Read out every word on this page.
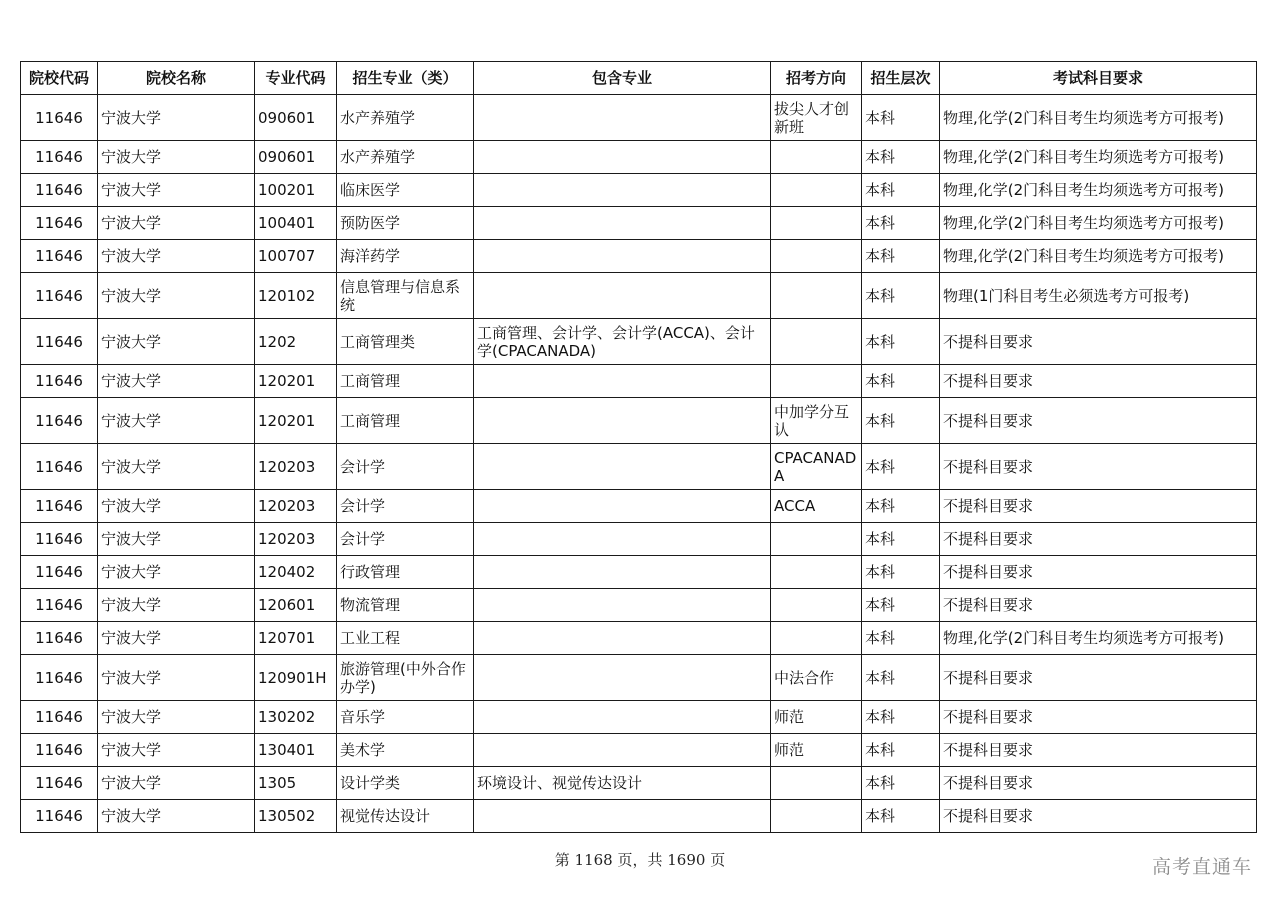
院校代码	院校名称	专业代码	招生专业（类）	包含专业	招考方向	招生层次	考试科目要求
11646	宁波大学	090601	水产养殖学		拔尖人才创新班	本科	物理,化学(2门科目考生均须选考方可报考)
11646	宁波大学	090601	水产养殖学			本科	物理,化学(2门科目考生均须选考方可报考)
11646	宁波大学	100201	临床医学			本科	物理,化学(2门科目考生均须选考方可报考)
11646	宁波大学	100401	预防医学			本科	物理,化学(2门科目考生均须选考方可报考)
11646	宁波大学	100707	海洋药学			本科	物理,化学(2门科目考生均须选考方可报考)
11646	宁波大学	120102	信息管理与信息系统			本科	物理(1门科目考生必须选考方可报考)
11646	宁波大学	1202	工商管理类	工商管理、会计学、会计学(ACCA)、会计学(CPACANADA)		本科	不提科目要求
11646	宁波大学	120201	工商管理			本科	不提科目要求
11646	宁波大学	120201	工商管理		中加学分互认	本科	不提科目要求
11646	宁波大学	120203	会计学		CPACANADA	本科	不提科目要求
11646	宁波大学	120203	会计学		ACCA	本科	不提科目要求
11646	宁波大学	120203	会计学			本科	不提科目要求
11646	宁波大学	120402	行政管理			本科	不提科目要求
11646	宁波大学	120601	物流管理			本科	不提科目要求
11646	宁波大学	120701	工业工程			本科	物理,化学(2门科目考生均须选考方可报考)
11646	宁波大学	120901H	旅游管理(中外合作办学)		中法合作	本科	不提科目要求
11646	宁波大学	130202	音乐学		师范	本科	不提科目要求
11646	宁波大学	130401	美术学		师范	本科	不提科目要求
11646	宁波大学	1305	设计学类	环境设计、视觉传达设计		本科	不提科目要求
11646	宁波大学	130502	视觉传达设计			本科	不提科目要求
第 1168 页，共 1690 页	高考直通车
